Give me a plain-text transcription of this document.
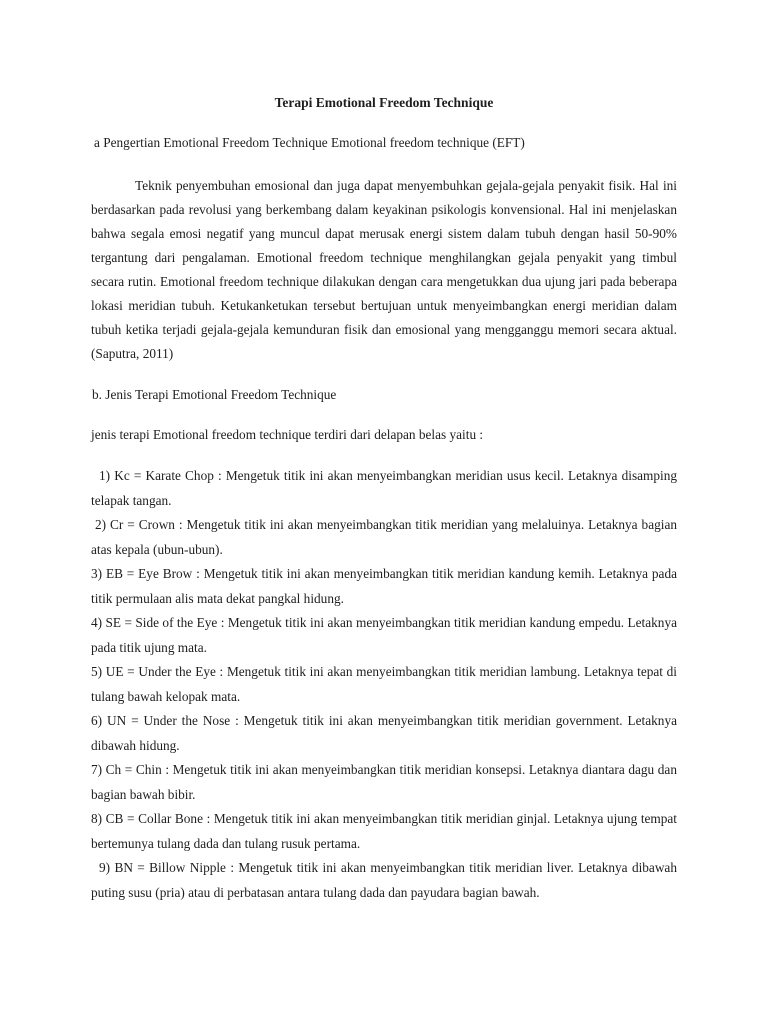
Terapi Emotional Freedom Technique

a Pengertian Emotional Freedom Technique Emotional freedom technique (EFT)

Teknik penyembuhan emosional dan juga dapat menyembuhkan gejala-gejala penyakit fisik. Hal ini berdasarkan pada revolusi yang berkembang dalam keyakinan psikologis konvensional. Hal ini menjelaskan bahwa segala emosi negatif yang muncul dapat merusak energi sistem dalam tubuh dengan hasil 50-90% tergantung dari pengalaman. Emotional freedom technique menghilangkan gejala penyakit yang timbul secara rutin. Emotional freedom technique dilakukan dengan cara mengetukkan dua ujung jari pada beberapa lokasi meridian tubuh. Ketukanketukan tersebut bertujuan untuk menyeimbangkan energi meridian dalam tubuh ketika terjadi gejala-gejala kemunduran fisik dan emosional yang mengganggu memori secara aktual. (Saputra, 2011)

b. Jenis Terapi Emotional Freedom Technique

jenis terapi Emotional freedom technique terdiri dari delapan belas yaitu :

1) Kc = Karate Chop : Mengetuk titik ini akan menyeimbangkan meridian usus kecil. Letaknya disamping telapak tangan.
2) Cr = Crown : Mengetuk titik ini akan menyeimbangkan titik meridian yang melaluinya. Letaknya bagian atas kepala (ubun-ubun).
3) EB = Eye Brow : Mengetuk titik ini akan menyeimbangkan titik meridian kandung kemih. Letaknya pada titik permulaan alis mata dekat pangkal hidung.
4) SE = Side of the Eye : Mengetuk titik ini akan menyeimbangkan titik meridian kandung empedu. Letaknya pada titik ujung mata.
5) UE = Under the Eye : Mengetuk titik ini akan menyeimbangkan titik meridian lambung. Letaknya tepat di tulang bawah kelopak mata.
6) UN = Under the Nose : Mengetuk titik ini akan menyeimbangkan titik meridian government. Letaknya dibawah hidung.
7) Ch = Chin : Mengetuk titik ini akan menyeimbangkan titik meridian konsepsi. Letaknya diantara dagu dan bagian bawah bibir.
8) CB = Collar Bone : Mengetuk titik ini akan menyeimbangkan titik meridian ginjal. Letaknya ujung tempat bertemunya tulang dada dan tulang rusuk pertama.
9) BN = Billow Nipple : Mengetuk titik ini akan menyeimbangkan titik meridian liver. Letaknya dibawah puting susu (pria) atau di perbatasan antara tulang dada dan payudara bagian bawah.
